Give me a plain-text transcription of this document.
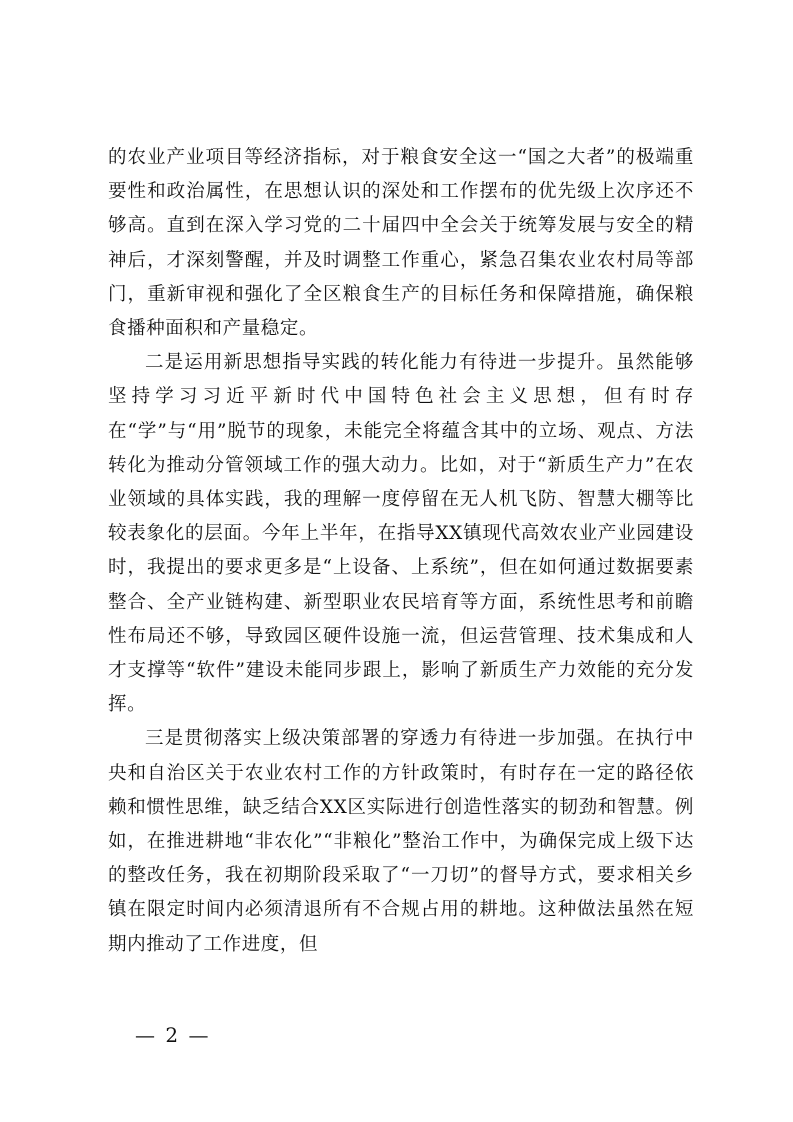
的农业产业项目等经济指标，对于粮食安全这一“国之大者”的极端重要性和政治属性，在思想认识的深处和工作摆布的优先级上次序还不够高。直到在深入学习党的二十届四中全会关于统筹发展与安全的精神后，才深刻警醒，并及时调整工作重心，紧急召集农业农村局等部门，重新审视和强化了全区粮食生产的目标任务和保障措施，确保粮食播种面积和产量稳定。

二是运用新思想指导实践的转化能力有待进一步提升。虽然能够坚持学习习近平新时代中国特色社会主义思想，但有时存在“学”与“用”脱节的现象，未能完全将蕴含其中的立场、观点、方法转化为推动分管领域工作的强大动力。比如，对于“新质生产力”在农业领域的具体实践，我的理解一度停留在无人机飞防、智慧大棚等比较表象化的层面。今年上半年，在指导XX镇现代高效农业产业园建设时，我提出的要求更多是“上设备、上系统”，但在如何通过数据要素整合、全产业链构建、新型职业农民培育等方面，系统性思考和前瞻性布局还不够，导致园区硬件设施一流，但运营管理、技术集成和人才支撑等“软件”建设未能同步跟上，影响了新质生产力效能的充分发挥。

三是贯彻落实上级决策部署的穿透力有待进一步加强。在执行中央和自治区关于农业农村工作的方针政策时，有时存在一定的路径依赖和惯性思维，缺乏结合XX区实际进行创造性落实的韧劲和智慧。例如，在推进耕地“非农化”“非粮化”整治工作中，为确保完成上级下达的整改任务，我在初期阶段采取了“一刀切”的督导方式，要求相关乡镇在限定时间内必须清退所有不合规占用的耕地。这种做法虽然在短期内推动了工作进度，但

— 2 —
